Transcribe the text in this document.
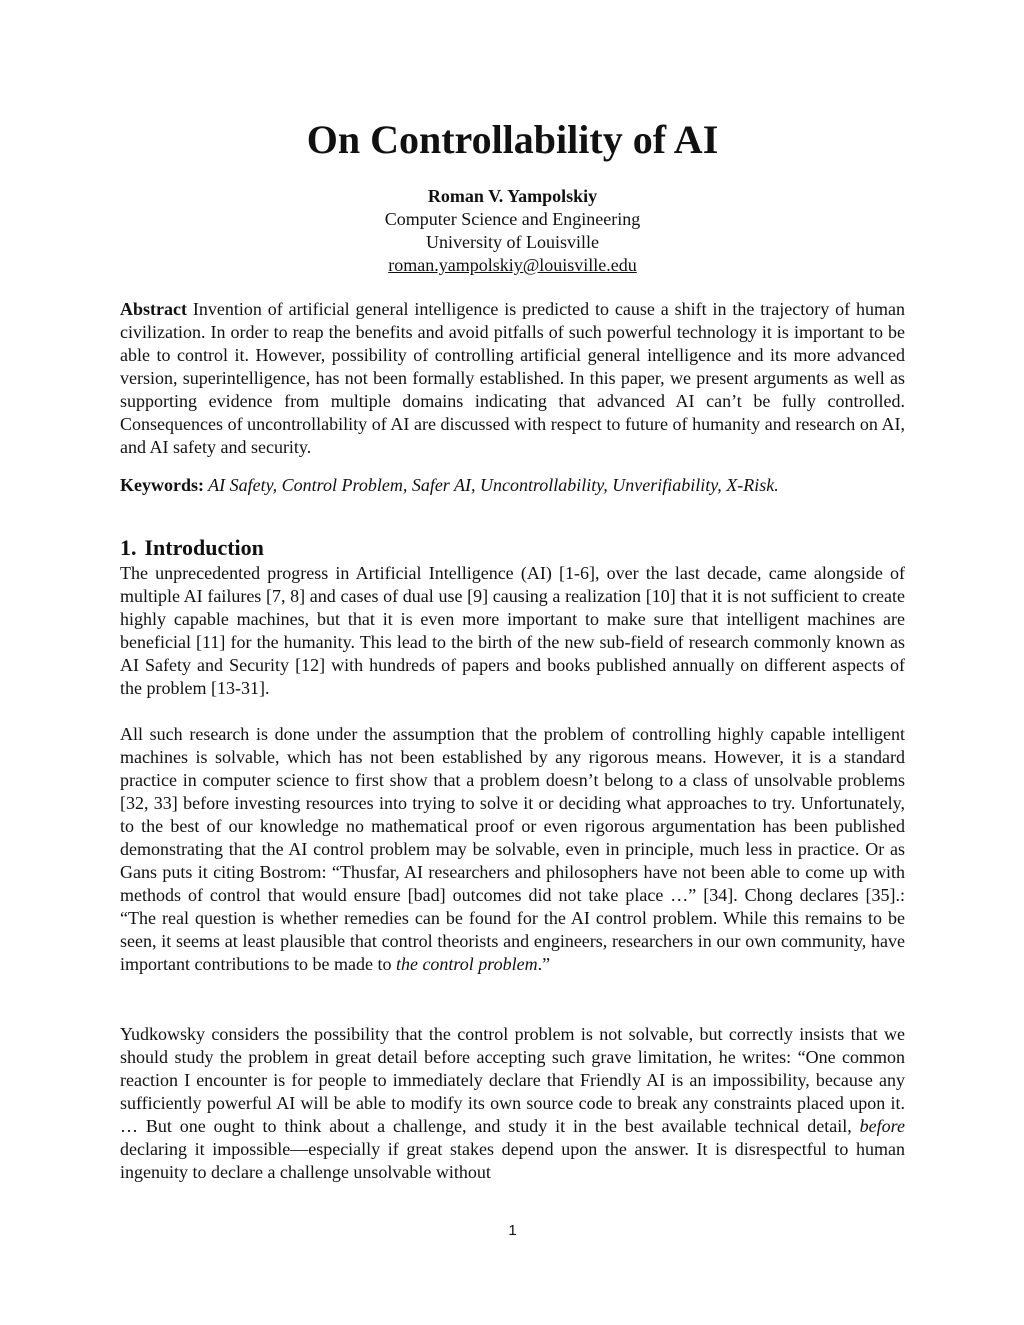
On Controllability of AI
Roman V. Yampolskiy
Computer Science and Engineering
University of Louisville
roman.yampolskiy@louisville.edu

Abstract Invention of artificial general intelligence is predicted to cause a shift in the trajectory of human civilization. In order to reap the benefits and avoid pitfalls of such powerful technology it is important to be able to control it. However, possibility of controlling artificial general intelligence and its more advanced version, superintelligence, has not been formally established. In this paper, we present arguments as well as supporting evidence from multiple domains indicating that advanced AI can’t be fully controlled. Consequences of uncontrollability of AI are discussed with respect to future of humanity and research on AI, and AI safety and security.

Keywords: AI Safety, Control Problem, Safer AI, Uncontrollability, Unverifiability, X-Risk.

1. Introduction

The unprecedented progress in Artificial Intelligence (AI) [1-6], over the last decade, came alongside of multiple AI failures [7, 8] and cases of dual use [9] causing a realization [10] that it is not sufficient to create highly capable machines, but that it is even more important to make sure that intelligent machines are beneficial [11] for the humanity. This lead to the birth of the new sub-field of research commonly known as AI Safety and Security [12] with hundreds of papers and books published annually on different aspects of the problem [13-31].

All such research is done under the assumption that the problem of controlling highly capable intelligent machines is solvable, which has not been established by any rigorous means. However, it is a standard practice in computer science to first show that a problem doesn’t belong to a class of unsolvable problems [32, 33] before investing resources into trying to solve it or deciding what approaches to try. Unfortunately, to the best of our knowledge no mathematical proof or even rigorous argumentation has been published demonstrating that the AI control problem may be solvable, even in principle, much less in practice. Or as Gans puts it citing Bostrom: “Thusfar, AI researchers and philosophers have not been able to come up with methods of control that would ensure [bad] outcomes did not take place …” [34]. Chong declares [35].: “The real question is whether remedies can be found for the AI control problem. While this remains to be seen, it seems at least plausible that control theorists and engineers, researchers in our own community, have important contributions to be made to the control problem.”

Yudkowsky considers the possibility that the control problem is not solvable, but correctly insists that we should study the problem in great detail before accepting such grave limitation, he writes: “One common reaction I encounter is for people to immediately declare that Friendly AI is an impossibility, because any sufficiently powerful AI will be able to modify its own source code to break any constraints placed upon it. … But one ought to think about a challenge, and study it in the best available technical detail, before declaring it impossible—especially if great stakes depend upon the answer. It is disrespectful to human ingenuity to declare a challenge unsolvable without

1
